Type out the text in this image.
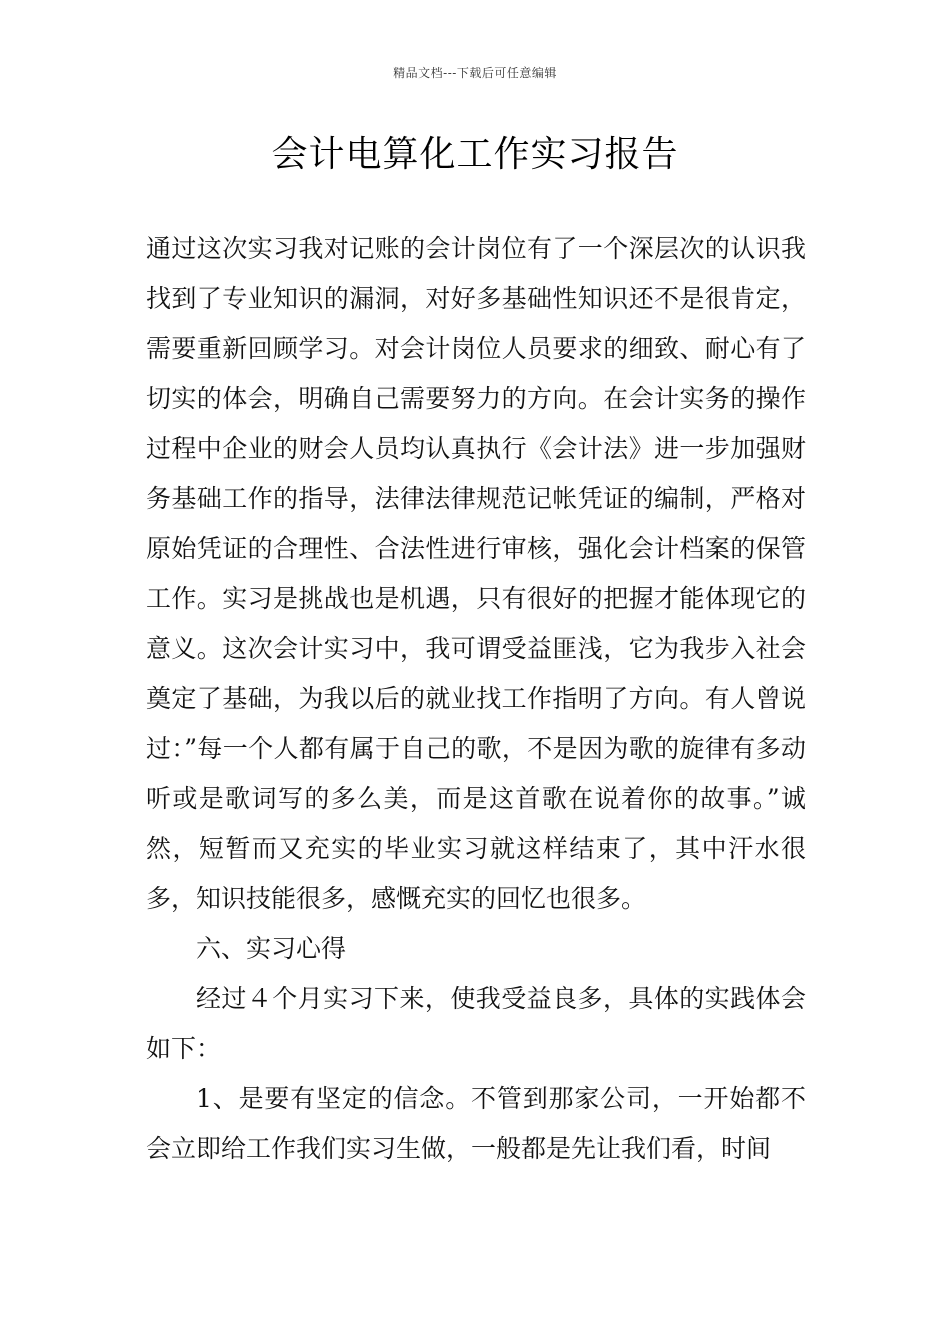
精品文档---下载后可任意编辑
会计电算化工作实习报告

通过这次实习我对记账的会计岗位有了一个深层次的认识我找到了专业知识的漏洞，对好多基础性知识还不是很肯定，需要重新回顾学习。对会计岗位人员要求的细致、耐心有了切实的体会，明确自己需要努力的方向。在会计实务的操作过程中企业的财会人员均认真执行《会计法》进一步加强财务基础工作的指导，法律法律规范记帐凭证的编制，严格对原始凭证的合理性、合法性进行审核，强化会计档案的保管工作。实习是挑战也是机遇，只有很好的把握才能体现它的意义。这次会计实习中，我可谓受益匪浅，它为我步入社会奠定了基础，为我以后的就业找工作指明了方向。有人曾说过：”每一个人都有属于自己的歌，不是因为歌的旋律有多动听或是歌词写的多么美，而是这首歌在说着你的故事。”诚然，短暂而又充实的毕业实习就这样结束了，其中汗水很多，知识技能很多，感慨充实的回忆也很多。

六、实习心得

经过４个月实习下来，使我受益良多，具体的实践体会如下：

1、是要有坚定的信念。不管到那家公司，一开始都不会立即给工作我们实习生做，一般都是先让我们看，时间
